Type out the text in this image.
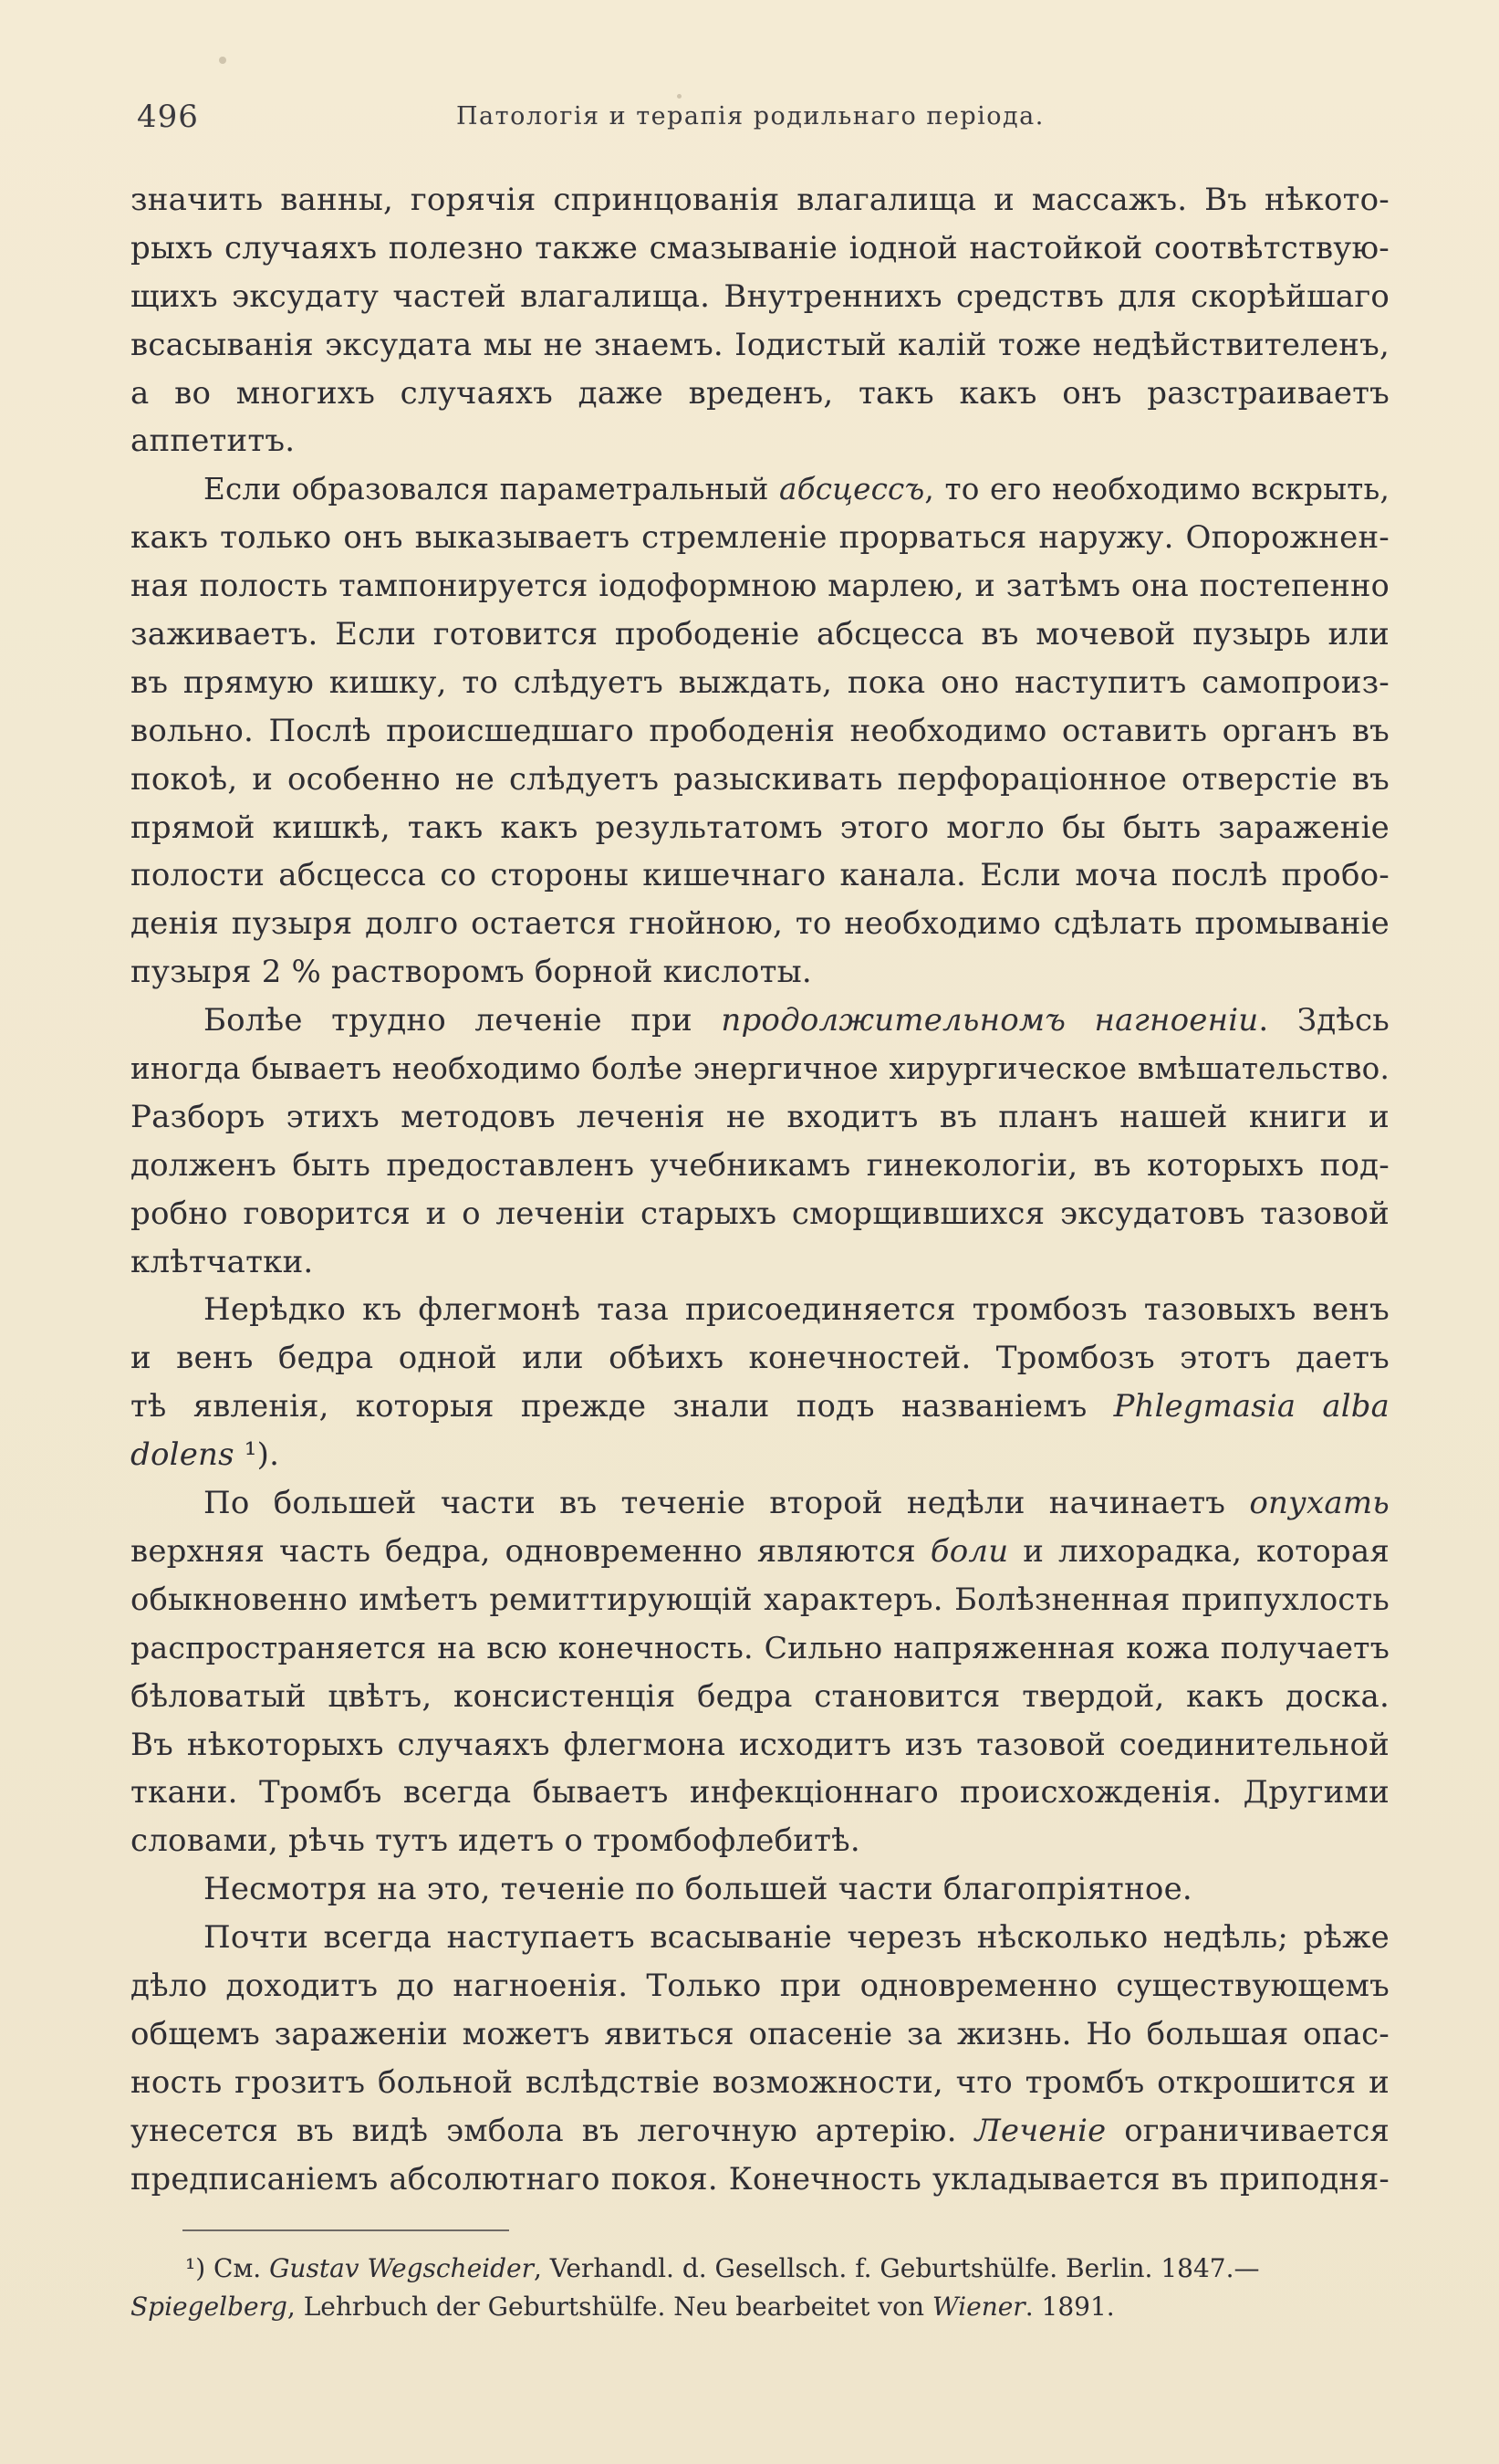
496	Патологія и терапія родильнаго періода.
значить ванны, горячія спринцованія влагалища и массажъ. Въ нѣкото-
рыхъ случаяхъ полезно также смазываніе іодной настойкой соотвѣтствую-
щихъ эксудату частей влагалища. Внутреннихъ средствъ для скорѣйшаго
всасыванія эксудата мы не знаемъ. Іодистый калій тоже недѣйствителенъ,
а во многихъ случаяхъ даже вреденъ, такъ какъ онъ разстраиваетъ
аппетитъ.
Если образовался параметральный абсцессъ, то его необходимо вскрыть,
какъ только онъ выказываетъ стремленіе прорваться наружу. Опорожнен-
ная полость тампонируется іодоформною марлею, и затѣмъ она постепенно
заживаетъ. Если готовится прободеніе абсцесса въ мочевой пузырь или
въ прямую кишку, то слѣдуетъ выждать, пока оно наступитъ самопроиз-
вольно. Послѣ происшедшаго прободенія необходимо оставить органъ въ
покоѣ, и особенно не слѣдуетъ разыскивать перфораціонное отверстіе въ
прямой кишкѣ, такъ какъ результатомъ этого могло бы быть зараженіе
полости абсцесса со стороны кишечнаго канала. Если моча послѣ пробо-
денія пузыря долго остается гнойною, то необходимо сдѣлать промываніе
пузыря 2 % растворомъ борной кислоты.
Болѣе трудно леченіе при продолжительномъ нагноеніи. Здѣсь
иногда бываетъ необходимо болѣе энергичное хирургическое вмѣшательство.
Разборъ этихъ методовъ леченія не входитъ въ планъ нашей книги и
долженъ быть предоставленъ учебникамъ гинекологіи, въ которыхъ под-
робно говорится и о леченіи старыхъ сморщившихся эксудатовъ тазовой
клѣтчатки.
Нерѣдко къ флегмонѣ таза присоединяется тромбозъ тазовыхъ венъ
и венъ бедра одной или обѣихъ конечностей. Тромбозъ этотъ даетъ
тѣ явленія, которыя прежде знали подъ названіемъ Phlegmasia alba
dolens ¹).
По большей части въ теченіе второй недѣли начинаетъ опухать
верхняя часть бедра, одновременно являются боли и лихорадка, которая
обыкновенно имѣетъ ремиттирующій характеръ. Болѣзненная припухлость
распространяется на всю конечность. Сильно напряженная кожа получаетъ
бѣловатый цвѣтъ, консистенція бедра становится твердой, какъ доска.
Въ нѣкоторыхъ случаяхъ флегмона исходитъ изъ тазовой соединительной
ткани. Тромбъ всегда бываетъ инфекціоннаго происхожденія. Другими
словами, рѣчь тутъ идетъ о тромбофлебитѣ.
Несмотря на это, теченіе по большей части благопріятное.
Почти всегда наступаетъ всасываніе черезъ нѣсколько недѣль; рѣже
дѣло доходитъ до нагноенія. Только при одновременно существующемъ
общемъ зараженіи можетъ явиться опасеніе за жизнь. Но большая опас-
ность грозитъ больной вслѣдствіе возможности, что тромбъ открошится и
унесется въ видѣ эмбола въ легочную артерію. Леченіе ограничивается
предписаніемъ абсолютнаго покоя. Конечность укладывается въ приподня-
¹) См. Gustav Wegscheider, Verhandl. d. Gesellsch. f. Geburtshülfe. Berlin. 1847.—
Spiegelberg, Lehrbuch der Geburtshülfe. Neu bearbeitet von Wiener. 1891.
